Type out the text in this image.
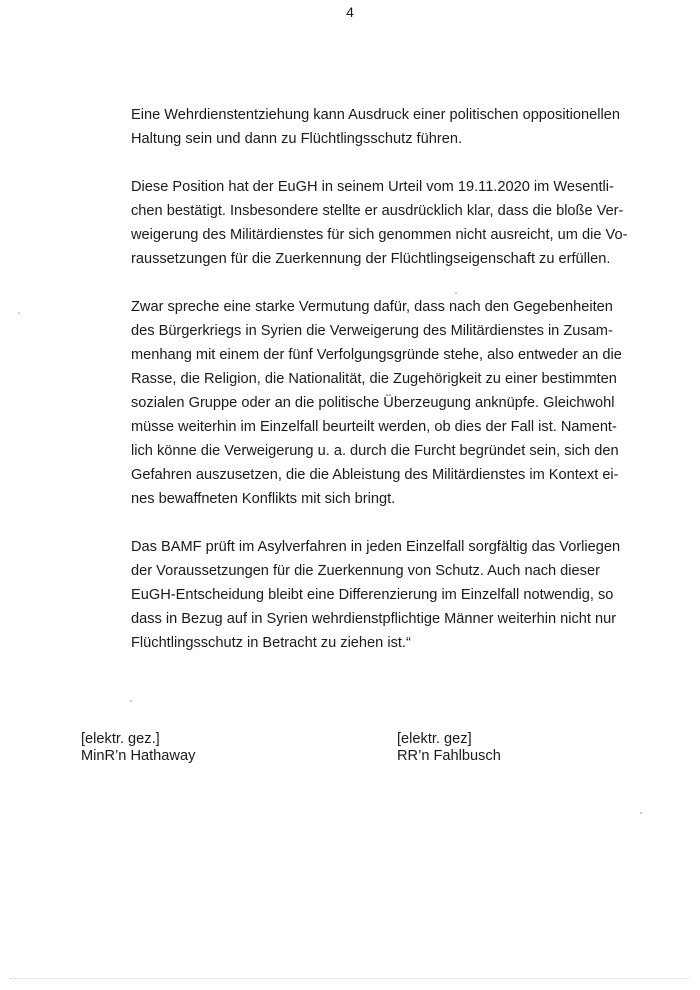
4

Eine Wehrdienstentziehung kann Ausdruck einer politischen oppositionellen
Haltung sein und dann zu Flüchtlingsschutz führen.

Diese Position hat der EuGH in seinem Urteil vom 19.11.2020 im Wesentli-
chen bestätigt. Insbesondere stellte er ausdrücklich klar, dass die bloße Ver-
weigerung des Militärdienstes für sich genommen nicht ausreicht, um die Vo-
raussetzungen für die Zuerkennung der Flüchtlingseigenschaft zu erfüllen.

Zwar spreche eine starke Vermutung dafür, dass nach den Gegebenheiten
des Bürgerkriegs in Syrien die Verweigerung des Militärdienstes in Zusam-
menhang mit einem der fünf Verfolgungsgründe stehe, also entweder an die
Rasse, die Religion, die Nationalität, die Zugehörigkeit zu einer bestimmten
sozialen Gruppe oder an die politische Überzeugung anknüpfe. Gleichwohl
müsse weiterhin im Einzelfall beurteilt werden, ob dies der Fall ist. Nament-
lich könne die Verweigerung u. a. durch die Furcht begründet sein, sich den
Gefahren auszusetzen, die die Ableistung des Militärdienstes im Kontext ei-
nes bewaffneten Konflikts mit sich bringt.

Das BAMF prüft im Asylverfahren in jeden Einzelfall sorgfältig das Vorliegen
der Voraussetzungen für die Zuerkennung von Schutz. Auch nach dieser
EuGH-Entscheidung bleibt eine Differenzierung im Einzelfall notwendig, so
dass in Bezug auf in Syrien wehrdienstpflichtige Männer weiterhin nicht nur
Flüchtlingsschutz in Betracht zu ziehen ist.“

[elektr. gez.]
MinR’n Hathaway
[elektr. gez]
RR’n Fahlbusch
